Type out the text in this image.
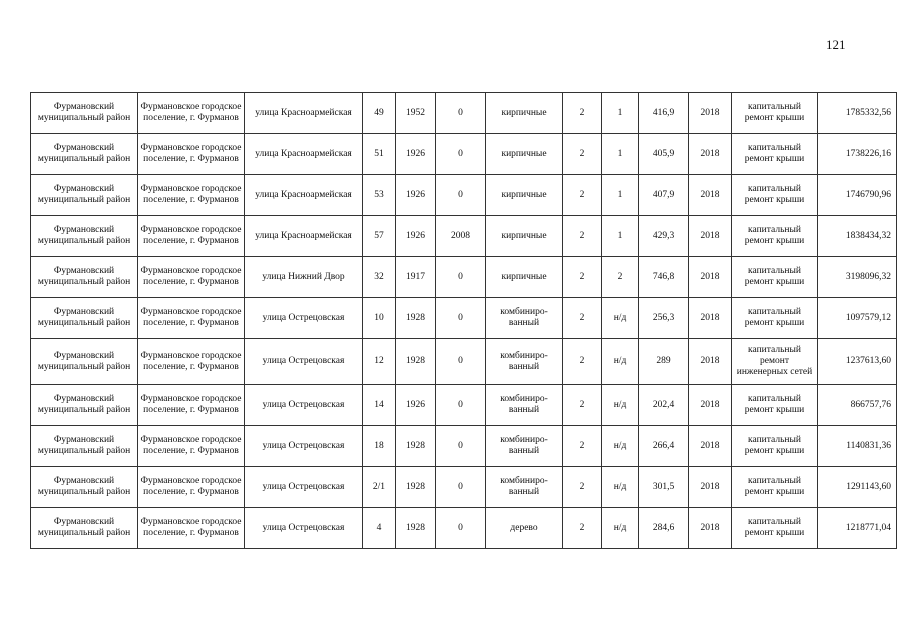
121
Фурмановский муниципальный район	Фурмановское городское поселение, г. Фурманов	улица Красноармейская	49	1952	0	кирпичные	2	1	416,9	2018	капитальный ремонт крыши	1785332,56
Фурмановский муниципальный район	Фурмановское городское поселение, г. Фурманов	улица Красноармейская	51	1926	0	кирпичные	2	1	405,9	2018	капитальный ремонт крыши	1738226,16
Фурмановский муниципальный район	Фурмановское городское поселение, г. Фурманов	улица Красноармейская	53	1926	0	кирпичные	2	1	407,9	2018	капитальный ремонт крыши	1746790,96
Фурмановский муниципальный район	Фурмановское городское поселение, г. Фурманов	улица Красноармейская	57	1926	2008	кирпичные	2	1	429,3	2018	капитальный ремонт крыши	1838434,32
Фурмановский муниципальный район	Фурмановское городское поселение, г. Фурманов	улица Нижний Двор	32	1917	0	кирпичные	2	2	746,8	2018	капитальный ремонт крыши	3198096,32
Фурмановский муниципальный район	Фурмановское городское поселение, г. Фурманов	улица Острецовская	10	1928	0	комбиниро-ванный	2	н/д	256,3	2018	капитальный ремонт крыши	1097579,12
Фурмановский муниципальный район	Фурмановское городское поселение, г. Фурманов	улица Острецовская	12	1928	0	комбиниро-ванный	2	н/д	289	2018	капитальный ремонт инженерных сетей	1237613,60
Фурмановский муниципальный район	Фурмановское городское поселение, г. Фурманов	улица Острецовская	14	1926	0	комбиниро-ванный	2	н/д	202,4	2018	капитальный ремонт крыши	866757,76
Фурмановский муниципальный район	Фурмановское городское поселение, г. Фурманов	улица Острецовская	18	1928	0	комбиниро-ванный	2	н/д	266,4	2018	капитальный ремонт крыши	1140831,36
Фурмановский муниципальный район	Фурмановское городское поселение, г. Фурманов	улица Острецовская	2/1	1928	0	комбиниро-ванный	2	н/д	301,5	2018	капитальный ремонт крыши	1291143,60
Фурмановский муниципальный район	Фурмановское городское поселение, г. Фурманов	улица Острецовская	4	1928	0	дерево	2	н/д	284,6	2018	капитальный ремонт крыши	1218771,04
